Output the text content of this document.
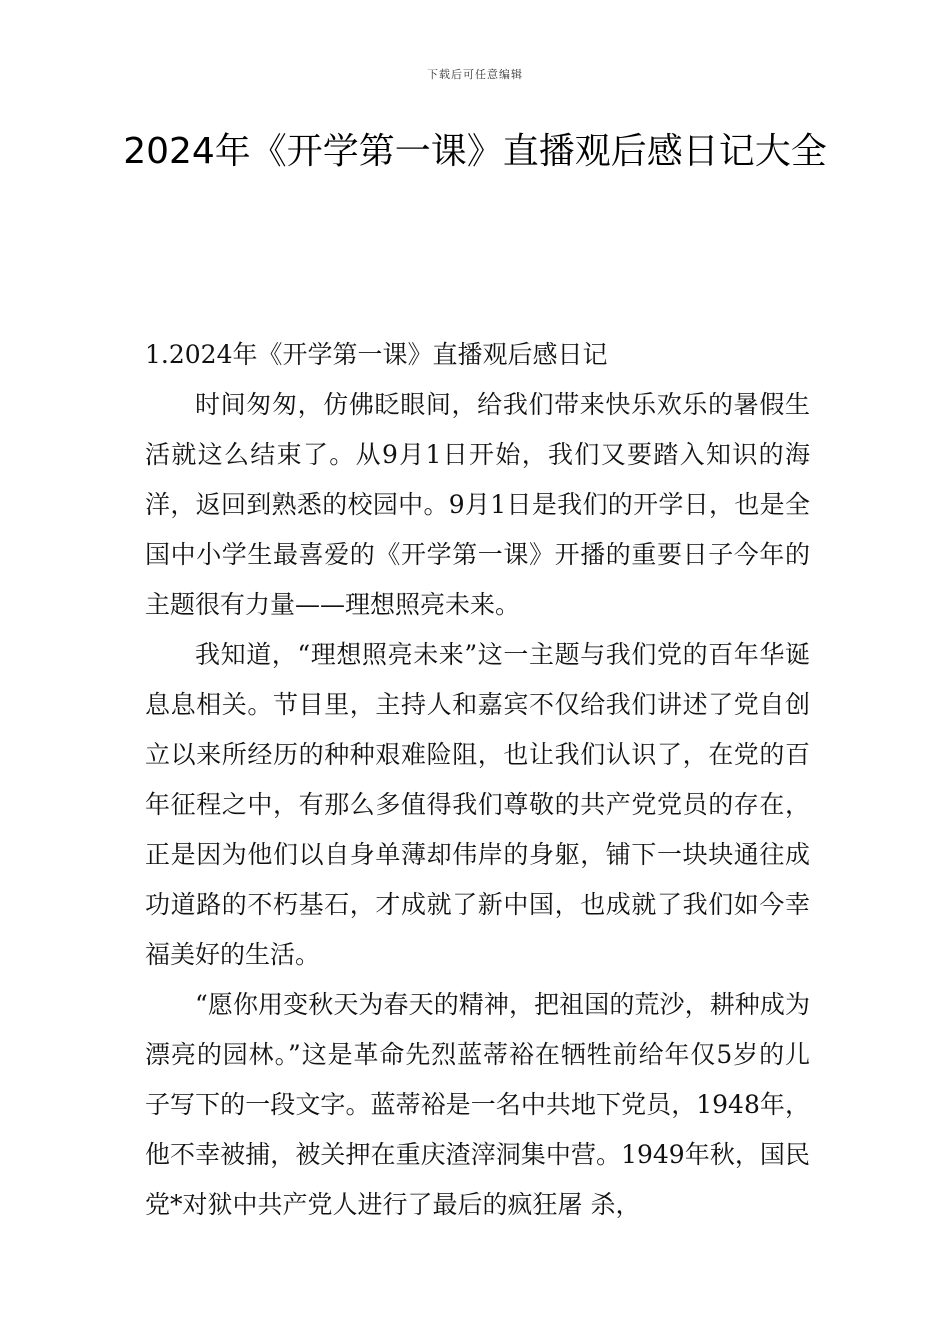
下载后可任意编辑
2024年《开学第一课》直播观后感日记大全

1.2024年《开学第一课》直播观后感日记

时间匆匆，仿佛眨眼间，给我们带来快乐欢乐的暑假生活就这么结束了。从9月1日开始，我们又要踏入知识的海洋，返回到熟悉的校园中。9月1日是我们的开学日，也是全国中小学生最喜爱的《开学第一课》开播的重要日子今年的主题很有力量——理想照亮未来。

我知道，“理想照亮未来”这一主题与我们党的百年华诞息息相关。节目里，主持人和嘉宾不仅给我们讲述了党自创立以来所经历的种种艰难险阻，也让我们认识了，在党的百年征程之中，有那么多值得我们尊敬的共产党党员的存在，正是因为他们以自身单薄却伟岸的身躯，铺下一块块通往成功道路的不朽基石，才成就了新中国，也成就了我们如今幸福美好的生活。

“愿你用变秋天为春天的精神，把祖国的荒沙，耕种成为漂亮的园林。”这是革命先烈蓝蒂裕在牺牲前给年仅5岁的儿子写下的一段文字。蓝蒂裕是一名中共地下党员，1948年，他不幸被捕，被关押在重庆渣滓洞集中营。1949年秋，国民党*对狱中共产党人进行了最后的疯狂屠 杀，
